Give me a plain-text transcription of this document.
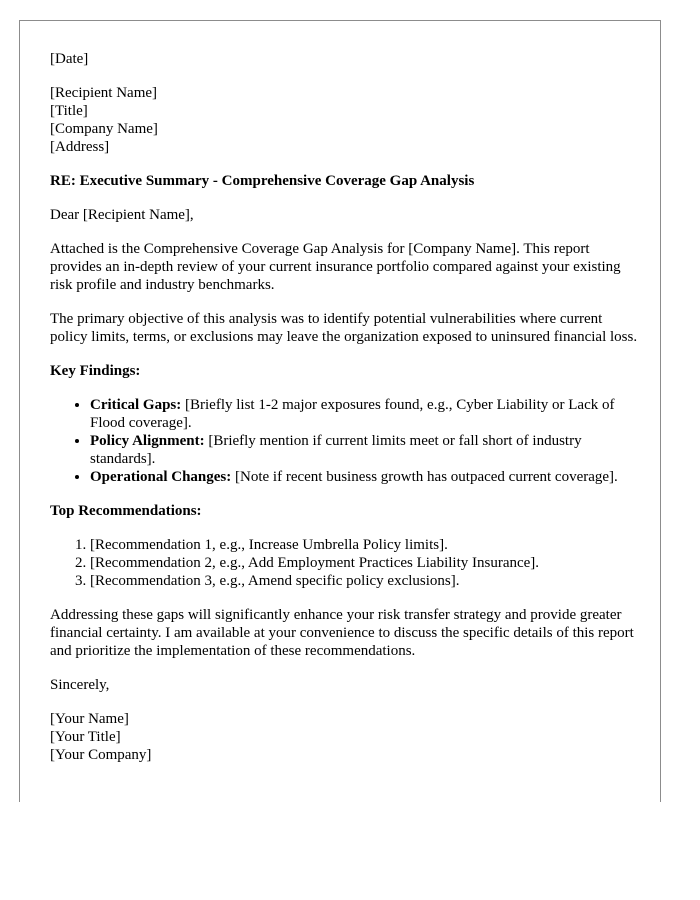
[Date]

[Recipient Name]
[Title]
[Company Name]
[Address]

RE: Executive Summary - Comprehensive Coverage Gap Analysis

Dear [Recipient Name],

Attached is the Comprehensive Coverage Gap Analysis for [Company Name]. This report provides an in-depth review of your current insurance portfolio compared against your existing risk profile and industry benchmarks.

The primary objective of this analysis was to identify potential vulnerabilities where current policy limits, terms, or exclusions may leave the organization exposed to uninsured financial loss.

Key Findings:

• Critical Gaps: [Briefly list 1-2 major exposures found, e.g., Cyber Liability or Lack of Flood coverage].
• Policy Alignment: [Briefly mention if current limits meet or fall short of industry standards].
• Operational Changes: [Note if recent business growth has outpaced current coverage].

Top Recommendations:

1. [Recommendation 1, e.g., Increase Umbrella Policy limits].
2. [Recommendation 2, e.g., Add Employment Practices Liability Insurance].
3. [Recommendation 3, e.g., Amend specific policy exclusions].

Addressing these gaps will significantly enhance your risk transfer strategy and provide greater financial certainty. I am available at your convenience to discuss the specific details of this report and prioritize the implementation of these recommendations.

Sincerely,

[Your Name]
[Your Title]
[Your Company]
